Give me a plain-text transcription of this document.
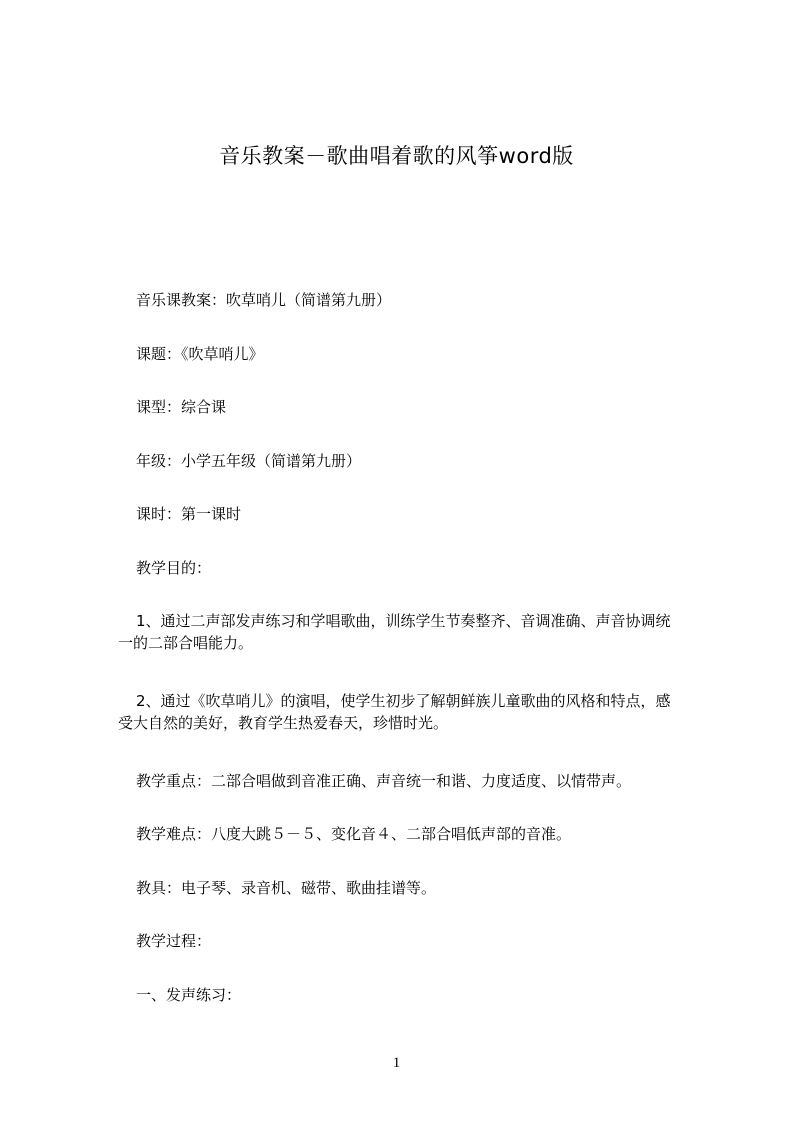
音乐教案－歌曲唱着歌的风筝word版

音乐课教案：吹草哨儿（简谱第九册）

课题：《吹草哨儿》

课型：综合课

年级：小学五年级（简谱第九册）

课时：第一课时

教学目的：

1、通过二声部发声练习和学唱歌曲，训练学生节奏整齐、音调准确、声音协调统
一的二部合唱能力。
2、通过《吹草哨儿》的演唱，使学生初步了解朝鲜族儿童歌曲的风格和特点，感
受大自然的美好，教育学生热爱春天，珍惜时光。

教学重点：二部合唱做到音准正确、声音统一和谐、力度适度、以情带声。

教学难点：八度大跳５－５、变化音４、二部合唱低声部的音准。

教具：电子琴、录音机、磁带、歌曲挂谱等。

教学过程：

一、发声练习：

1
